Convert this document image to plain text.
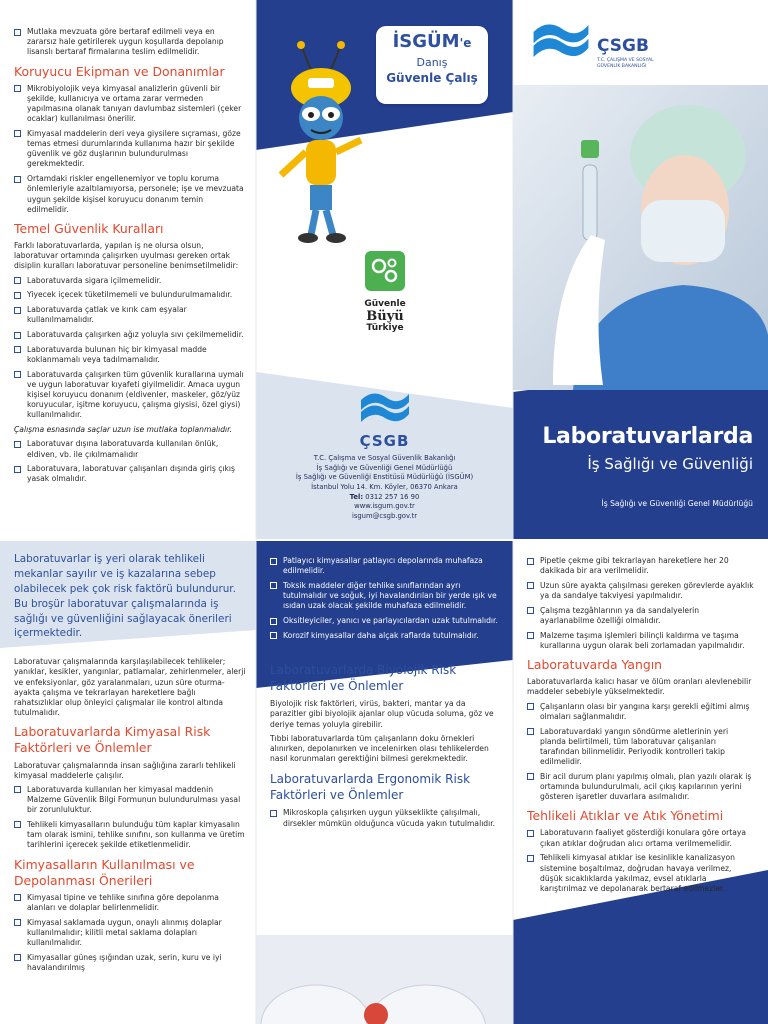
Mutlaka mevzuata göre bertaraf edilmeli veya en zararsız hale getirilerek uygun koşullarda depolanıp lisanslı bertaraf firmalarına teslim edilmelidir.
Koruyucu Ekipman ve Donanımlar
Mikrobiyolojik veya kimyasal analizlerin güvenli bir şekilde, kullanıcıya ve ortama zarar vermeden yapılmasına olanak tanıyan davlumbaz sistemleri (çeker ocaklar) kullanılması önerilir.
Kimyasal maddelerin deri veya giysilere sıçraması, göze temas etmesi durumlarında kullanıma hazır bir şekilde güvenlik ve göz duşlarının bulundurulması gerekmektedir.
Ortamdaki riskler engellenemiyor ve toplu koruma önlemleriyle azaltılamıyorsa, personele; işe ve mevzuata uygun şekilde kişisel koruyucu donanım temin edilmelidir.
Temel Güvenlik Kuralları

Farklı laboratuvarlarda, yapılan iş ne olursa olsun, laboratuvar ortamında çalışırken uyulması gereken ortak disiplin kuralları laboratuvar personeline benimsetilmelidir:

Laboratuvarda sigara içilmemelidir.
Yiyecek içecek tüketilmemeli ve bulundurulmamalıdır.
Laboratuvarda çatlak ve kırık cam eşyalar kullanılmamalıdır.
Laboratuvarda çalışırken ağız yoluyla sıvı çekilmemelidir.
Laboratuvarda bulunan hiç bir kimyasal madde koklanmamalı veya tadılmamalıdır.
Laboratuvarda çalışırken tüm güvenlik kurallarına uymalı ve uygun laboratuvar kıyafeti giyilmelidir. Amaca uygun kişisel koruyucu donanım (eldivenler, maskeler, göz/yüz koruyucular, işitme koruyucu, çalışma giysisi, özel giysi) kullanılmalıdır.

Çalışma esnasında saçlar uzun ise mutlaka toplanmalıdır.

Laboratuvar dışına laboratuvarda kullanılan önlük, eldiven, vb. ile çıkılmamalıdır
Laboratuvara, laboratuvar çalışanları dışında giriş çıkış yasak olmalıdır.
İSGÜM'e
Danış
Güvenle Çalış
Güvenle
Büyü
Türkiye
ÇSGB
T.C. Çalışma ve Sosyal Güvenlik Bakanlığı
İş Sağlığı ve Güvenliği Genel Müdürlüğü
İş Sağlığı ve Güvenliği Enstitüsü Müdürlüğü (İSGÜM)
İstanbul Yolu 14. Km. Köyler, 06370 Ankara
Tel: 0312 257 16 90
www.isgum.gov.tr
isgum@csgb.gov.tr
ÇSGB
T.C. ÇALIŞMA VE SOSYAL GÜVENLİK BAKANLIĞI
Laboratuvarlarda
İş Sağlığı ve Güvenliği
İş Sağlığı ve Güvenliği Genel Müdürlüğü

Laboratuvarlar iş yeri olarak tehlikeli mekanlar sayılır ve iş kazalarına sebep olabilecek pek çok risk faktörü bulundurur. Bu broşür laboratuvar çalışmalarında iş sağlığı ve güvenliğini sağlayacak önerileri içermektedir.

Laboratuvar çalışmalarında karşılaşılabilecek tehlikeler; yanıklar, kesikler, yangınlar, patlamalar, zehirlenmeler, alerji ve enfeksiyonlar, göz yaralanmaları, uzun süre oturma-ayakta çalışma ve tekrarlayan hareketlere bağlı rahatsızlıklar olup önleyici çalışmalar ile kontrol altında tutulmalıdır.

Laboratuvarlarda Kimyasal Risk Faktörleri ve Önlemler

Laboratuvar çalışmalarında insan sağlığına zararlı tehlikeli kimyasal maddelerle çalışılır.

Laboratuvarda kullanılan her kimyasal maddenin Malzeme Güvenlik Bilgi Formunun bulundurulması yasal bir zorunluluktur.
Tehlikeli kimyasalların bulunduğu tüm kaplar kimyasalın tam olarak ismini, tehlike sınıfını, son kullanma ve üretim tarihlerini içerecek şekilde etiketlenmelidir.
Kimyasalların Kullanılması ve Depolanması Önerileri
Kimyasal tipine ve tehlike sınıfına göre depolanma alanları ve dolaplar belirlenmelidir.
Kimyasal saklamada uygun, onaylı alınmış dolaplar kullanılmalıdır; kilitli metal saklama dolapları kullanılmalıdır.
Kimyasallar güneş ışığından uzak, serin, kuru ve iyi havalandırılmış
Patlayıcı kimyasallar patlayıcı depolarında muhafaza edilmelidir.
Toksik maddeler diğer tehlike sınıflarından ayrı tutulmalıdır ve soğuk, iyi havalandırılan bir yerde ışık ve ısıdan uzak olacak şekilde muhafaza edilmelidir.
Oksitleyiciler, yanıcı ve parlayıcılardan uzak tutulmalıdır.
Korozif kimyasallar daha alçak raflarda tutulmalıdır.
Laboratuvarlarda Biyolojik Risk Faktörleri ve Önlemler

Biyolojik risk faktörleri, virüs, bakteri, mantar ya da parazitler gibi biyolojik ajanlar olup vücuda soluma, göz ve deriye temas yoluyla girebilir.

Tıbbi laboratuvarlarda tüm çalışanların doku örnekleri alınırken, depolanırken ve incelenirken olası tehlikelerden nasıl korunmaları gerektiğini bilmesi gerekmektedir.

Laboratuvarlarda Ergonomik Risk Faktörleri ve Önlemler
Mikroskopla çalışırken uygun yükseklikte çalışılmalı, dirsekler mümkün olduğunca vücuda yakın tutulmalıdır.
Pipetle çekme gibi tekrarlayan hareketlere her 20 dakikada bir ara verilmelidir.
Uzun süre ayakta çalışılması gereken görevlerde ayaklık ya da sandalye takviyesi yapılmalıdır.
Çalışma tezgâhlarının ya da sandalyelerin ayarlanabilme özelliği olmalıdır.
Malzeme taşıma işlemleri bilinçli kaldırma ve taşıma kurallarına uygun olarak beli zorlamadan yapılmalıdır.
Laboratuvarda Yangın

Laboratuvarlarda kalıcı hasar ve ölüm oranları alevlenebilir maddeler sebebiyle yükselmektedir.

Çalışanların olası bir yangına karşı gerekli eğitimi almış olmaları sağlanmalıdır.
Laboratuvardaki yangın söndürme aletlerinin yeri planda belirtilmeli, tüm laboratuvar çalışanları tarafından bilinmelidir. Periyodik kontrolleri takip edilmelidir.
Bir acil durum planı yapılmış olmalı, plan yazılı olarak iş ortamında bulundurulmalı, acil çıkış kapılarının yerini gösteren işaretler duvarlara asılmalıdır.
Tehlikeli Atıklar ve Atık Yönetimi
Laboratuvarın faaliyet gösterdiği konulara göre ortaya çıkan atıklar doğrudan alıcı ortama verilmemelidir.
Tehlikeli kimyasal atıklar ise kesinlikle kanalizasyon sistemine boşaltılmaz, doğrudan havaya verilmez, düşük sıcaklıklarda yakılmaz, evsel atıklarla karıştırılmaz ve depolanarak bertaraf edilmezler.
